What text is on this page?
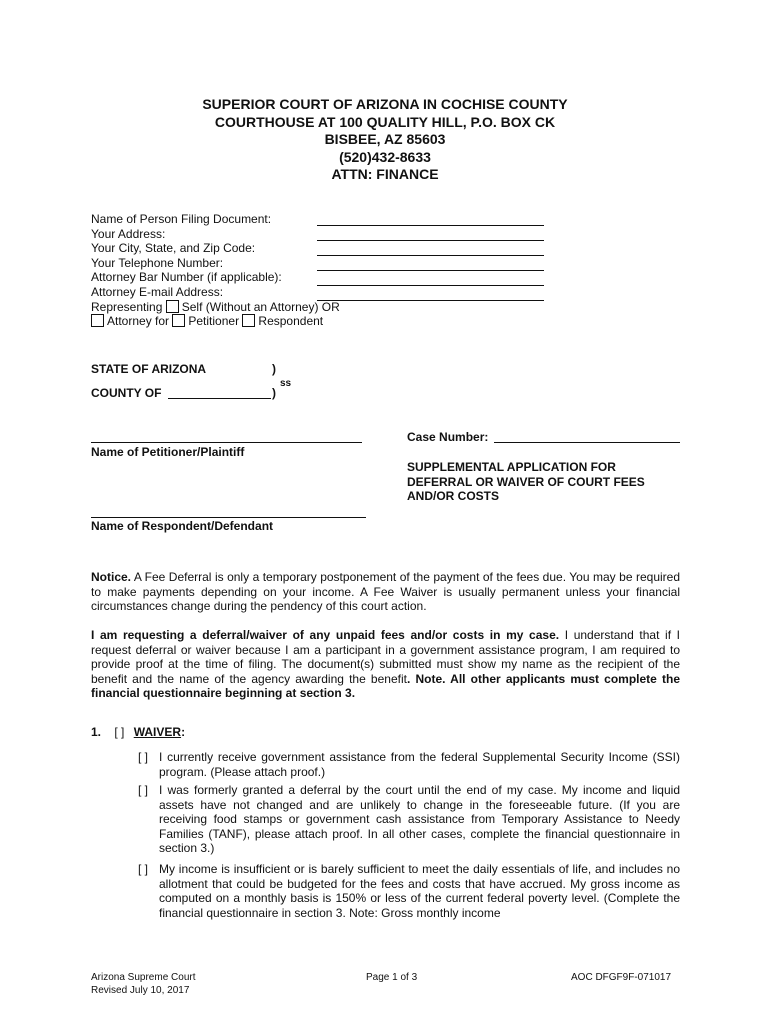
SUPERIOR COURT OF ARIZONA IN COCHISE COUNTY
COURTHOUSE AT 100 QUALITY HILL, P.O. BOX CK
BISBEE, AZ 85603
(520)432-8633
ATTN: FINANCE
Name of Person Filing Document:
Your Address:
Your City, State, and Zip Code:
Your Telephone Number:
Attorney Bar Number (if applicable):
Attorney E-mail Address:
Representing Self (Without an Attorney) OR
Attorney for Petitioner Respondent
STATE OF ARIZONA	)
COUNTY OF	)
ss
Name of Petitioner/Plaintiff
Name of Respondent/Defendant
Case Number:
SUPPLEMENTAL APPLICATION FOR
DEFERRAL OR WAIVER OF COURT FEES
AND/OR COSTS
Notice. A Fee Deferral is only a temporary postponement of the payment of the fees due. You may be required to make payments depending on your income. A Fee Waiver is usually permanent unless your financial circumstances change during the pendency of this court action.
I am requesting a deferral/waiver of any unpaid fees and/or costs in my case. I understand that if I request deferral or waiver because I am a participant in a government assistance program, I am required to provide proof at the time of filing. The document(s) submitted must show my name as the recipient of the benefit and the name of the agency awarding the benefit. Note. All other applicants must complete the financial questionnaire beginning at section 3.
1. [ ] WAIVER:
[ ] I currently receive government assistance from the federal Supplemental Security Income (SSI) program. (Please attach proof.)
[ ] I was formerly granted a deferral by the court until the end of my case. My income and liquid assets have not changed and are unlikely to change in the foreseeable future. (If you are receiving food stamps or government cash assistance from Temporary Assistance to Needy Families (TANF), please attach proof. In all other cases, complete the financial questionnaire in section 3.)
[ ] My income is insufficient or is barely sufficient to meet the daily essentials of life, and includes no allotment that could be budgeted for the fees and costs that have accrued. My gross income as computed on a monthly basis is 150% or less of the current federal poverty level. (Complete the financial questionnaire in section 3. Note: Gross monthly income
Arizona Supreme Court
Revised July 10, 2017
Page 1 of 3	AOC DFGF9F-071017
